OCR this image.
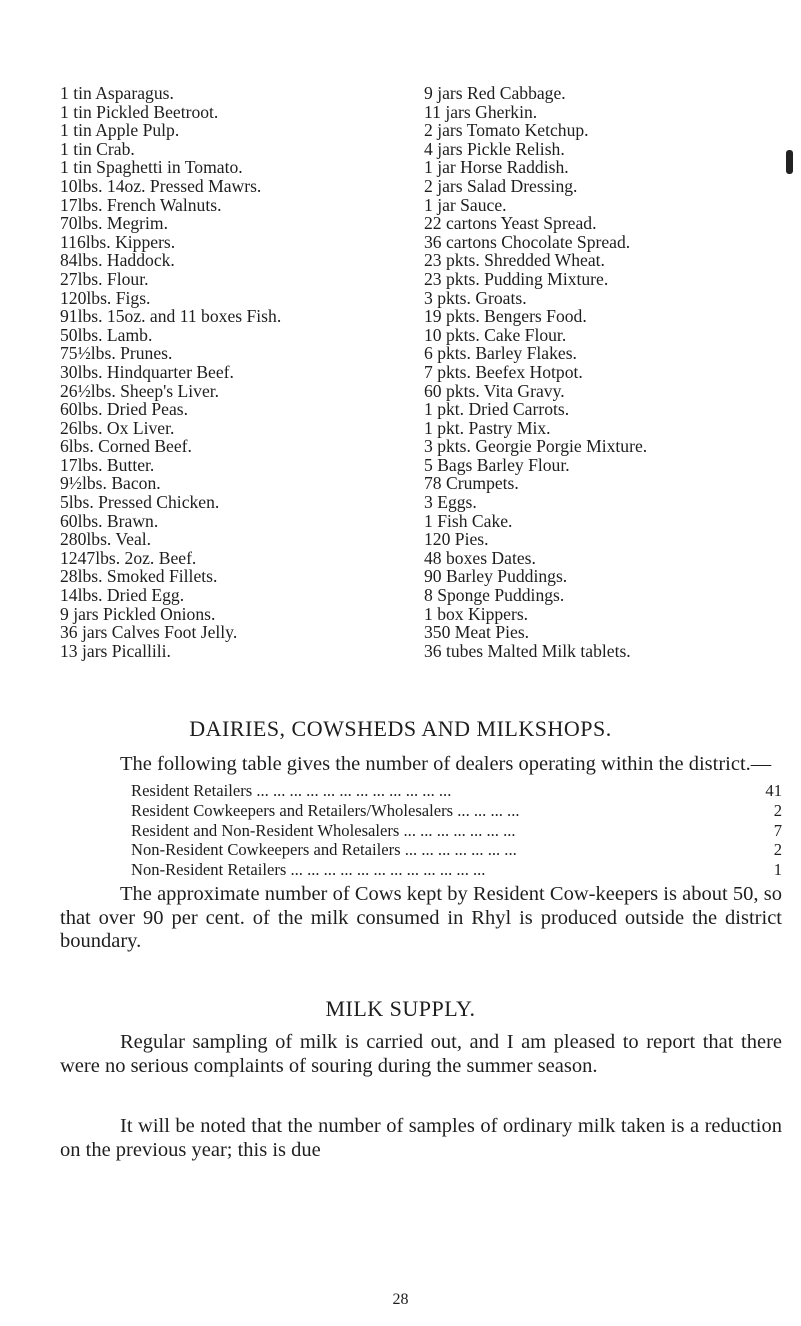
1 tin Asparagus.
1 tin Pickled Beetroot.
1 tin Apple Pulp.
1 tin Crab.
1 tin Spaghetti in Tomato.
10lbs. 14oz. Pressed Mawrs.
17lbs. French Walnuts.
70lbs. Megrim.
116lbs. Kippers.
84lbs. Haddock.
27lbs. Flour.
120lbs. Figs.
91lbs. 15oz. and 11 boxes Fish.
50lbs. Lamb.
75½lbs. Prunes.
30lbs. Hindquarter Beef.
26½lbs. Sheep's Liver.
60lbs. Dried Peas.
26lbs. Ox Liver.
6lbs. Corned Beef.
17lbs. Butter.
9½lbs. Bacon.
5lbs. Pressed Chicken.
60lbs. Brawn.
280lbs. Veal.
1247lbs. 2oz. Beef.
28lbs. Smoked Fillets.
14lbs. Dried Egg.
9 jars Pickled Onions.
36 jars Calves Foot Jelly.
13 jars Picallili.
9 jars Red Cabbage.
11 jars Gherkin.
2 jars Tomato Ketchup.
4 jars Pickle Relish.
1 jar Horse Raddish.
2 jars Salad Dressing.
1 jar Sauce.
22 cartons Yeast Spread.
36 cartons Chocolate Spread.
23 pkts. Shredded Wheat.
23 pkts. Pudding Mixture.
3 pkts. Groats.
19 pkts. Bengers Food.
10 pkts. Cake Flour.
6 pkts. Barley Flakes.
7 pkts. Beefex Hotpot.
60 pkts. Vita Gravy.
1 pkt. Dried Carrots.
1 pkt. Pastry Mix.
3 pkts. Georgie Porgie Mixture.
5 Bags Barley Flour.
78 Crumpets.
3 Eggs.
1 Fish Cake.
120 Pies.
48 boxes Dates.
90 Barley Puddings.
8 Sponge Puddings.
1 box Kippers.
350 Meat Pies.
36 tubes Malted Milk tablets.
DAIRIES, COWSHEDS AND MILKSHOPS.
The following table gives the number of dealers operating within the district.—
Resident Retailers ... ... ... ... ... ... ... ... ... ... ... ...	41
Resident Cowkeepers and Retailers/Wholesalers ... ... ... ...	2
Resident and Non-Resident Wholesalers ... ... ... ... ... ... ...	7
Non-Resident Cowkeepers and Retailers ... ... ... ... ... ... ...	2
Non-Resident Retailers ... ... ... ... ... ... ... ... ... ... ... ...	1
The approximate number of Cows kept by Resident Cow-keepers is about 50, so that over 90 per cent. of the milk consumed in Rhyl is produced outside the district boundary.
MILK SUPPLY.
Regular sampling of milk is carried out, and I am pleased to report that there were no serious complaints of souring during the summer season.
It will be noted that the number of samples of ordinary milk taken is a reduction on the previous year; this is due
28
